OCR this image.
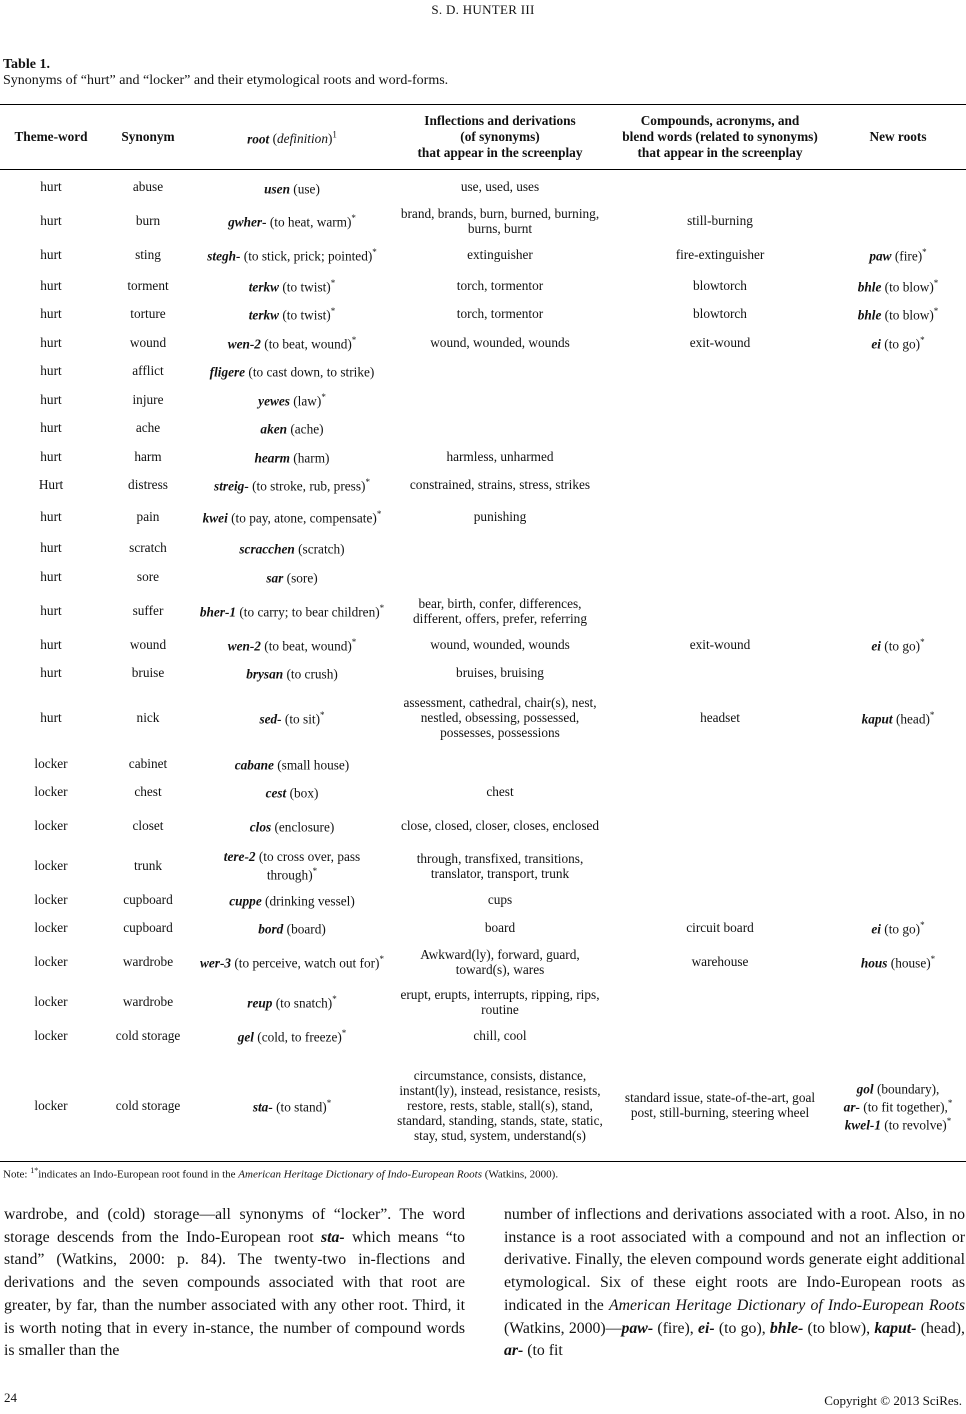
S. D. HUNTER III
Table 1.
Synonyms of “hurt” and “locker” and their etymological roots and word-forms.
Theme-word	Synonym	root (definition)$^1$	Inflections and derivations
(of synonyms)
that appear in the screenplay	Compounds, acronyms, and
blend words (related to synonyms)
that appear in the screenplay	New roots
hurt	abuse	usen (use)	use, used, uses		
hurt	burn	gwher- (to heat, warm)*	brand, brands, burn, burned, burning, burns, burnt	still-burning	
hurt	sting	stegh- (to stick, prick; pointed)*	extinguisher	fire-extinguisher	paw (fire)*
hurt	torment	terkw (to twist)*	torch, tormentor	blowtorch	bhle (to blow)*
hurt	torture	terkw (to twist)*	torch, tormentor	blowtorch	bhle (to blow)*
hurt	wound	wen-2 (to beat, wound)*	wound, wounded, wounds	exit-wound	ei (to go)*
hurt	afflict	fligere (to cast down, to strike)			
hurt	injure	yewes (law)*			
hurt	ache	aken (ache)			
hurt	harm	hearm (harm)	harmless, unharmed		
Hurt	distress	streig- (to stroke, rub, press)*	constrained, strains, stress, strikes		
hurt	pain	kwei (to pay, atone, compensate)*	punishing		
hurt	scratch	scracchen (scratch)			
hurt	sore	sar (sore)			
hurt	suffer	bher-1 (to carry; to bear children)*	bear, birth, confer, differences, different, offers, prefer, referring		
hurt	wound	wen-2 (to beat, wound)*	wound, wounded, wounds	exit-wound	ei (to go)*
hurt	bruise	brysan (to crush)	bruises, bruising		
hurt	nick	sed- (to sit)*	assessment, cathedral, chair(s), nest, nestled, obsessing, possessed, possesses, possessions	headset	kaput (head)*
locker	cabinet	cabane (small house)			
locker	chest	cest (box)	chest		
locker	closet	clos (enclosure)	close, closed, closer, closes, enclosed		
locker	trunk	tere-2 (to cross over, pass through)*	through, transfixed, transitions, translator, transport, trunk		
locker	cupboard	cuppe (drinking vessel)	cups		
locker	cupboard	bord (board)	board	circuit board	ei (to go)*
locker	wardrobe	wer-3 (to perceive, watch out for)*	Awkward(ly), forward, guard, toward(s), wares	warehouse	hous (house)*
locker	wardrobe	reup (to snatch)*	erupt, erupts, interrupts, ripping, rips, routine		
locker	cold storage	gel (cold, to freeze)*	chill, cool		
locker	cold storage	sta- (to stand)*	circumstance, consists, distance, instant(ly), instead, resistance, resists, restore, rests, stable, stall(s), stand, standard, standing, stands, state, static, stay, stud, system, understand(s)	standard issue, state-of-the-art, goal post, still-burning, steering wheel	gol (boundary),
ar- (to fit together),*
kwel-1 (to revolve)*
Note: $^{1*}$indicates an Indo-European root found in the American Heritage Dictionary of Indo-European Roots (Watkins, 2000).
wardrobe, and (cold) storage—all synonyms of “locker”. The word storage descends from the Indo-European root sta- which means “to stand” (Watkins, 2000: p. 84). The twenty-two in-flections and derivations and the seven compounds associated with that root are greater, by far, than the number associated with any other root. Third, it is worth noting that in every in-stance, the number of compound words is smaller than the
number of inflections and derivations associated with a root. Also, in no instance is a root associated with a compound and not an inflection or derivative. Finally, the eleven compound words generate eight additional etymological. Six of these eight roots are Indo-European roots as indicated in the American Heritage Dictionary of Indo-European Roots (Watkins, 2000)—paw- (fire), ei- (to go), bhle- (to blow), kaput- (head), ar- (to fit
24	Copyright © 2013 SciRes.
